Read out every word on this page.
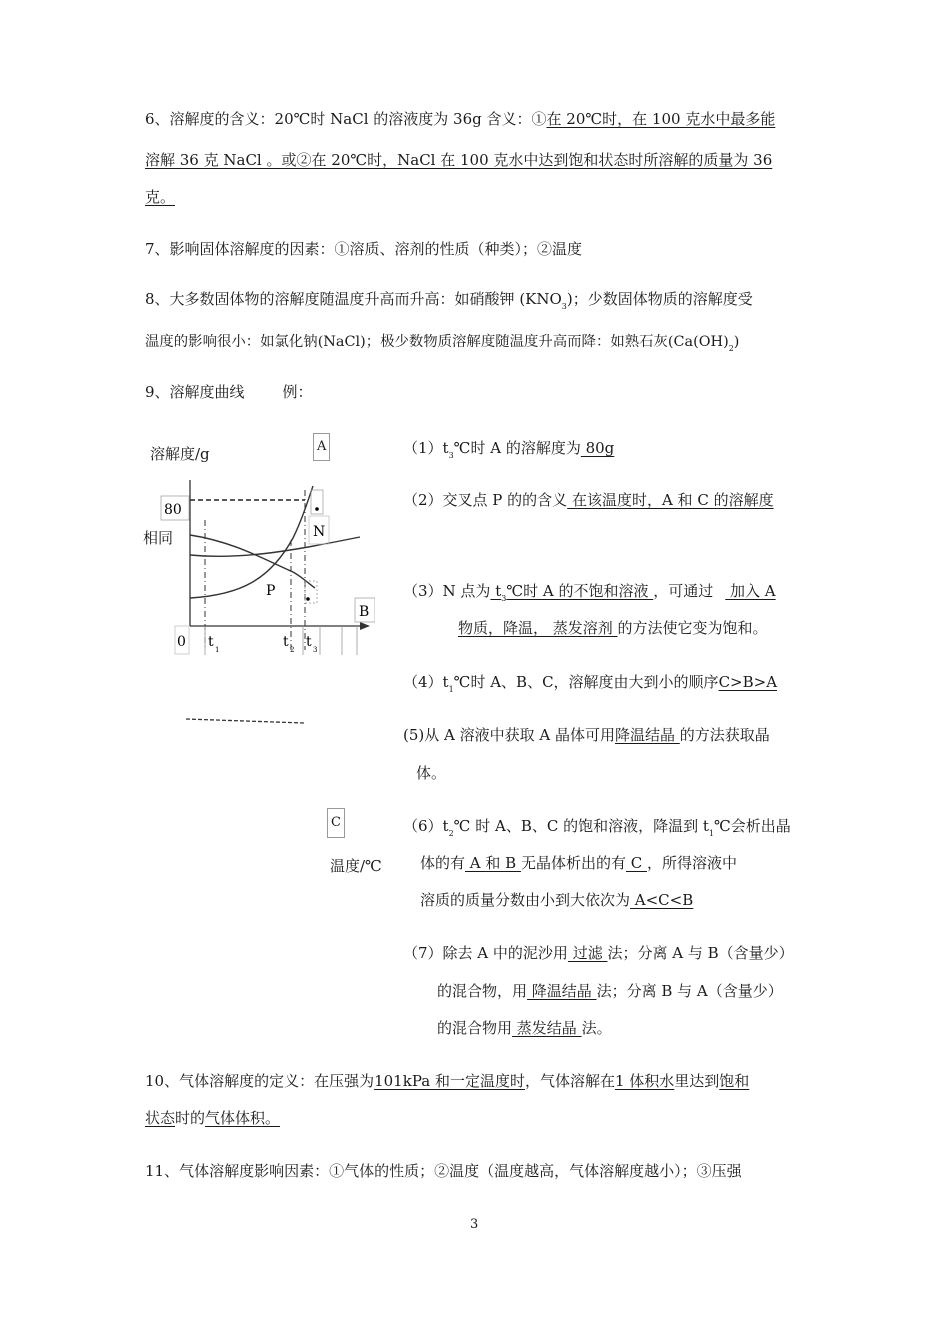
6、溶解度的含义：20℃时 NaCl 的溶液度为 36g 含义：①在 20℃时，在 100 克水中最多能
溶解 36 克 NaCl 。或②在 20℃时，NaCl 在 100 克水中达到饱和状态时所溶解的质量为 36
克。
7、影响固体溶解度的因素：①溶质、溶剂的性质（种类）；②温度
8、大多数固体物的溶解度随温度升高而升高：如硝酸钾 $(KNO_3)$；少数固体物质的溶解度受
温度的影响很小：如氯化钠(NaCl)；极少数物质溶解度随温度升高而降：如熟石灰$(Ca(OH)_2)$
9、溶解度曲线	例：
溶解度/g	A
80
0
P
N
B
t 1	t 2 t 3
相同
C
温度/℃
$(1)t_3℃$时 A 的溶解度为 80g
（2）交叉点 P 的的含义 在该温度时，A 和 C 的溶解度
（3）N 点为 $t_3℃$时 A 的不饱和溶液 ，可通过 加入 A
物质，降温， 蒸发溶剂 的方法使它变为饱和。
$(4)t_1℃$时 A、B、C，溶解度由大到小的顺序C>B>A
(5)从 A 溶液中获取 A 晶体可用降温结晶 的方法获取晶
体。
$(6)t_2℃$ 时 A、B、C 的饱和溶液，降温到 $t_1℃$会析出晶
体的有 A 和 B 无晶体析出的有 C ，所得溶液中
溶质的质量分数由小到大依次为 A<C<B
（7）除去 A 中的泥沙用 过滤 法；分离 A 与 B（含量少）
的混合物，用 降温结晶 法；分离 B 与 A（含量少）
的混合物用 蒸发结晶 法。
10、气体溶解度的定义：在压强为101kPa 和一定温度时，气体溶解在1 体积水里达到饱和
状态时的气体体积。
11、气体溶解度影响因素：①气体的性质；②温度（温度越高，气体溶解度越小）；③压强
3
